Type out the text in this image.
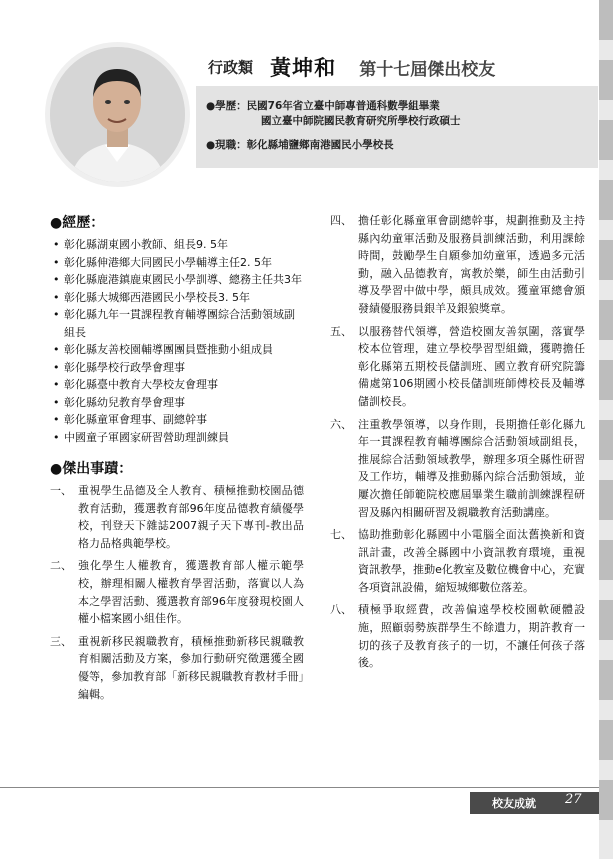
行政類 黃坤和 第十七屆傑出校友
●學歷：民國76年省立臺中師專普通科數學組畢業
國立臺中師院國民教育研究所學校行政碩士
●現職：彰化縣埔鹽鄉南港國民小學校長
●經歷：
• 彰化縣湖東國小教師、組長9. 5年
• 彰化縣伸港鄉大同國民小學輔導主任2. 5年
• 彰化縣鹿港鎮鹿東國民小學訓導、總務主任共3年
• 彰化縣大城鄉西港國民小學校長3. 5年
• 彰化縣九年一貫課程教育輔導團綜合活動領域副組長
• 彰化縣友善校園輔導團團員暨推動小組成員
• 彰化縣學校行政學會理事
• 彰化縣臺中教育大學校友會理事
• 彰化縣幼兒教育學會理事
• 彰化縣童軍會理事、副總幹事
• 中國童子軍國家研習營助理訓練員
●傑出事蹟：
一、 重視學生品德及全人教育、積極推動校園品德教育活動，獲選教育部96年度品德教育績優學校，刊登天下雜誌2007親子天下專刊-教出品格力品格典範學校。
二、 強化學生人權教育，獲選教育部人權示範學校，辦理相關人權教育學習活動，落實以人為本之學習活動、獲選教育部96年度發現校園人權小檔案國小組佳作。
三、 重視新移民親職教育，積極推動新移民親職教育相關活動及方案，參加行動研究徵選獲全國優等，參加教育部「新移民親職教育教材手冊」編輯。
四、 擔任彰化縣童軍會副總幹事，規劃推動及主持縣內幼童軍活動及服務員訓練活動，利用課餘時間，鼓勵學生自願參加幼童軍，透過多元活動，融入品德教育，寓教於樂，師生由活動引導及學習中做中學，頗具成效。獲童軍總會頒發績優服務員銀羊及銀狼獎章。
五、 以服務替代領導，營造校園友善氛圍，落實學校本位管理，建立學校學習型組織，獲聘擔任彰化縣第五期校長儲訓班、國立教育研究院籌備處第106期國小校長儲訓班師傅校長及輔導儲訓校長。
六、 注重教學領導，以身作則，長期擔任彰化縣九年一貫課程教育輔導團綜合活動領域副組長，推展綜合活動領域教學，辦理多項全縣性研習及工作坊，輔導及推動縣內綜合活動領域，並屢次擔任師範院校應屆畢業生職前訓練課程研習及縣內相關研習及親職教育活動講座。
七、 協助推動彰化縣國中小電腦全面汰舊換新和資訊計畫，改善全縣國中小資訊教育環境，重視資訊教學，推動e化教室及數位機會中心，充實各項資訊設備，縮短城鄉數位落差。
八、 積極爭取經費，改善偏遠學校校園軟硬體設施，照顧弱勢族群學生不餘遺力，期許教育一切的孩子及教育孩子的一切，不讓任何孩子落後。
校友成就 27
